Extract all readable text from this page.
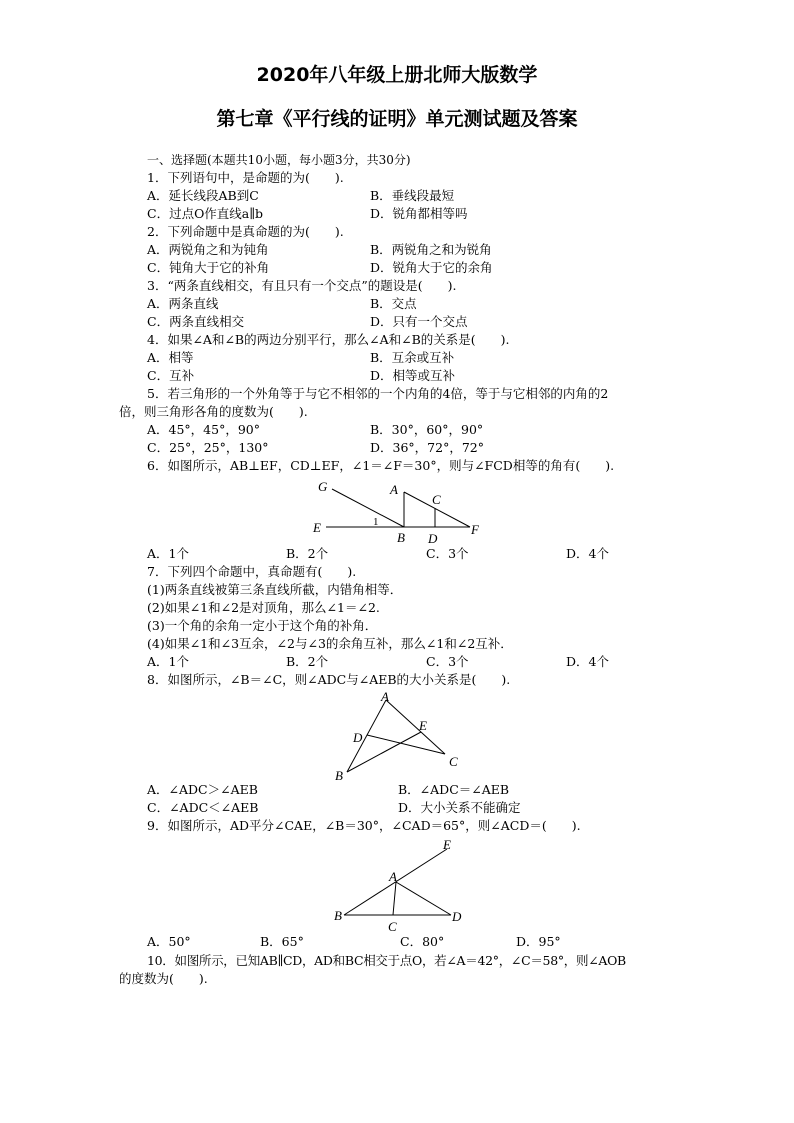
2020年八年级上册北师大版数学
第七章《平行线的证明》单元测试题及答案
一、选择题(本题共10小题，每小题3分，共30分)
1．下列语句中，是命题的为(　　).
A．延长线段AB到C	B．垂线段最短
C．过点O作直线a∥b	D．锐角都相等吗
2．下列命题中是真命题的为(　　).
A．两锐角之和为钝角	B．两锐角之和为锐角
C．钝角大于它的补角	D．锐角大于它的余角
3．“两条直线相交，有且只有一个交点”的题设是(　　).
A．两条直线	B．交点
C．两条直线相交	D．只有一个交点
4．如果∠A和∠B的两边分别平行，那么∠A和∠B的关系是(　　).
A．相等	B．互余或互补
C．互补	D．相等或互补
5．若三角形的一个外角等于与它不相邻的一个内角的4倍，等于与它相邻的内角的2
倍，则三角形各角的度数为(　　).
A．45°，45°，90°	B．30°，60°，90°
C．25°，25°，130°	D．36°，72°，72°
6．如图所示，AB⊥EF，CD⊥EF，∠1＝∠F＝30°，则与∠FCD相等的角有(　　).
G	A
C
E	1
B D
F
A．1个	B．2个	C．3个	D．4个
7．下列四个命题中，真命题有(　　).
(1)两条直线被第三条直线所截，内错角相等．
(2)如果∠1和∠2是对顶角，那么∠1＝∠2.
(3)一个角的余角一定小于这个角的补角．
(4)如果∠1和∠3互余，∠2与∠3的余角互补，那么∠1和∠2互补．
A．1个	B．2个	C．3个	D．4个
8．如图所示，∠B＝∠C，则∠ADC与∠AEB的大小关系是(　　).
A
D
E
B
C
A．∠ADC＞∠AEB	B．∠ADC＝∠AEB
C．∠ADC＜∠AEB	D．大小关系不能确定
9．如图所示，AD平分∠CAE，∠B＝30°，∠CAD＝65°，则∠ACD＝(　　).
E
A
B
C
D
A．50°	B．65°	C．80°	D．95°
10．如图所示，已知AB∥CD，AD和BC相交于点O，若∠A＝42°，∠C＝58°，则∠AOB
的度数为(　　).
